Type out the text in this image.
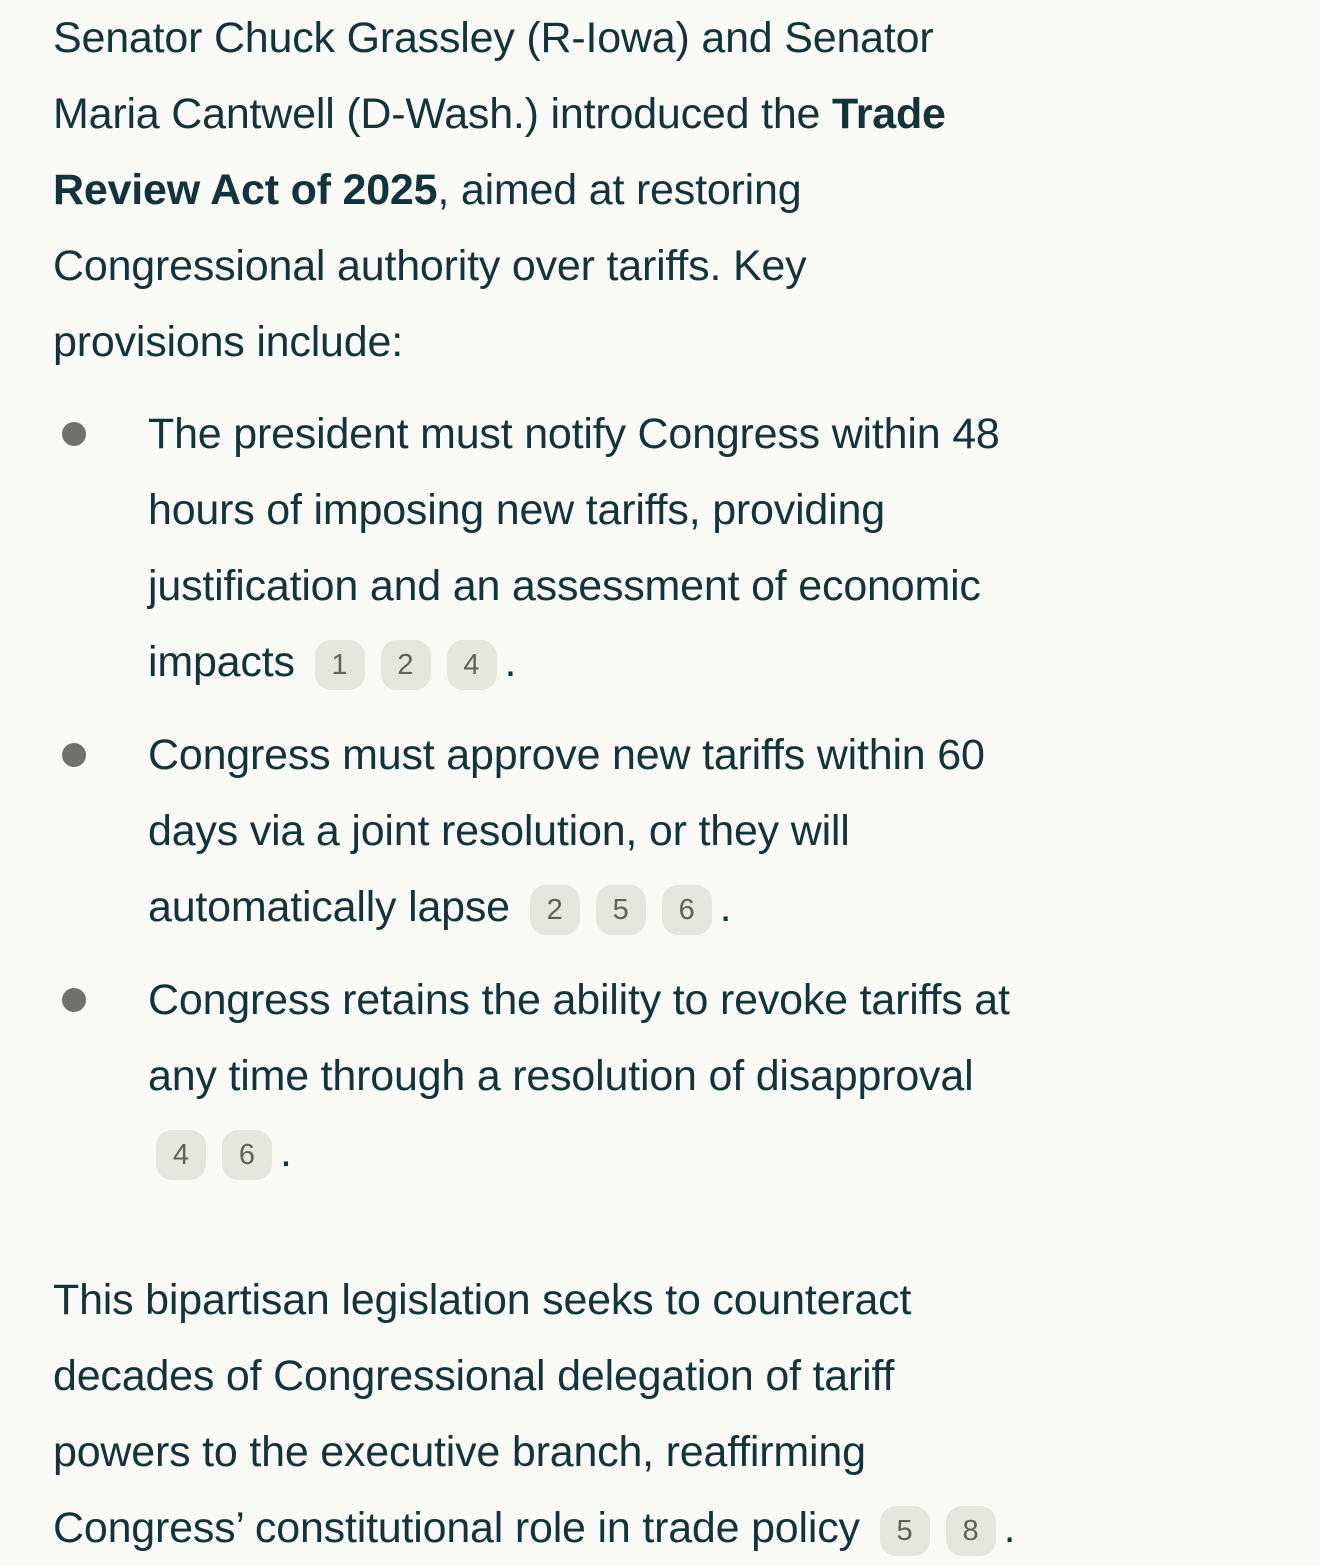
Senator Chuck Grassley (R-Iowa) and Senator
Maria Cantwell (D-Wash.) introduced the Trade
Review Act of 2025, aimed at restoring
Congressional authority over tariffs. Key
provisions include:

The president must notify Congress within 48
hours of imposing new tariffs, providing
justification and an assessment of economic
impacts 1 2 4 .
Congress must approve new tariffs within 60
days via a joint resolution, or they will
automatically lapse 2 5 6 .
Congress retains the ability to revoke tariffs at
any time through a resolution of disapproval
4 6 .

This bipartisan legislation seeks to counteract
decades of Congressional delegation of tariff
powers to the executive branch, reaffirming
Congress’ constitutional role in trade policy 5 8 .
